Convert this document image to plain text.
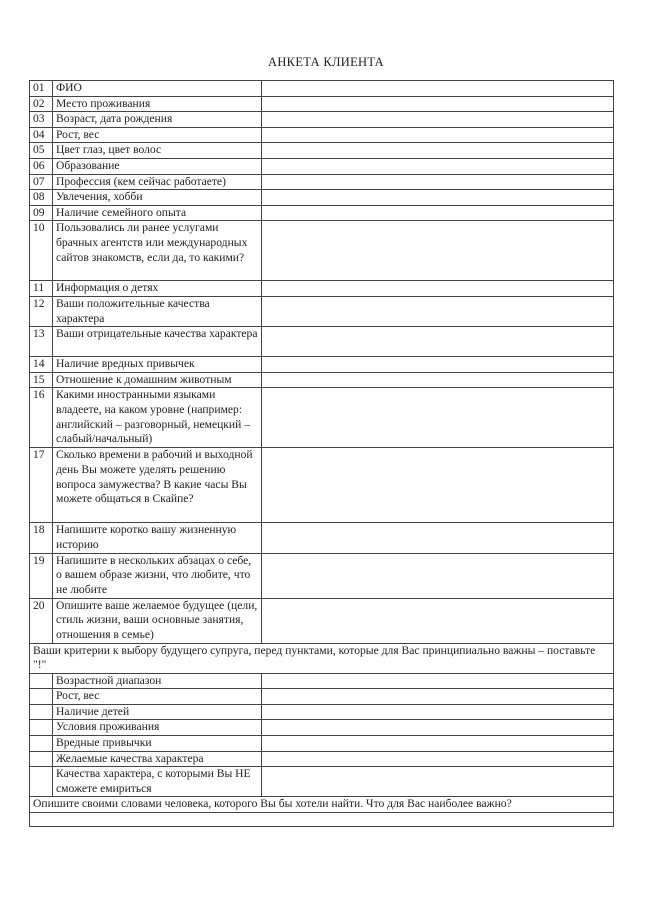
АНКЕТА КЛИЕНТА
01	ФИО	
02	Место проживания	
03	Возраст, дата рождения	
04	Рост, вес	
05	Цвет глаз, цвет волос	
06	Образование	
07	Профессия (кем сейчас работаете)	
08	Увлечения, хобби	
09	Наличие семейного опыта	
10	Пользовались ли ранее услугами брачных агентств или международных сайтов знакомств, если да, то какими?	
11	Информация о детях	
12	Ваши положительные качества характера	
13	Ваши отрицательные качества характера	
14	Наличие вредных привычек	
15	Отношение к домашним животным	
16	Какими иностранными языками владеете, на каком уровне (например: английский – разговорный, немецкий – слабый/начальный)	
17	Сколько времени в рабочий и выходной день Вы можете уделять решению вопроса замужества? В какие часы Вы можете общаться в Скайпе?	
18	Напишите коротко вашу жизненную историю	
19	Напишите в нескольких абзацах о себе, о вашем образе жизни, что любите, что не любите	
20	Опишите ваше желаемое будущее (цели, стиль жизни, ваши основные занятия, отношения в семье)	
Ваши критерии к выбору будущего супруга, перед пунктами, которые для Вас принципиально важны – поставьте "!"		
	Возрастной диапазон	
	Рост, вес	
	Наличие детей	
	Условия проживания	
	Вредные привычки	
	Желаемые качества характера	
	Качества характера, с которыми Вы НЕ сможете емириться	
Опишите своими словами человека, которого Вы бы хотели найти. Что для Вас наиболее важно?		
